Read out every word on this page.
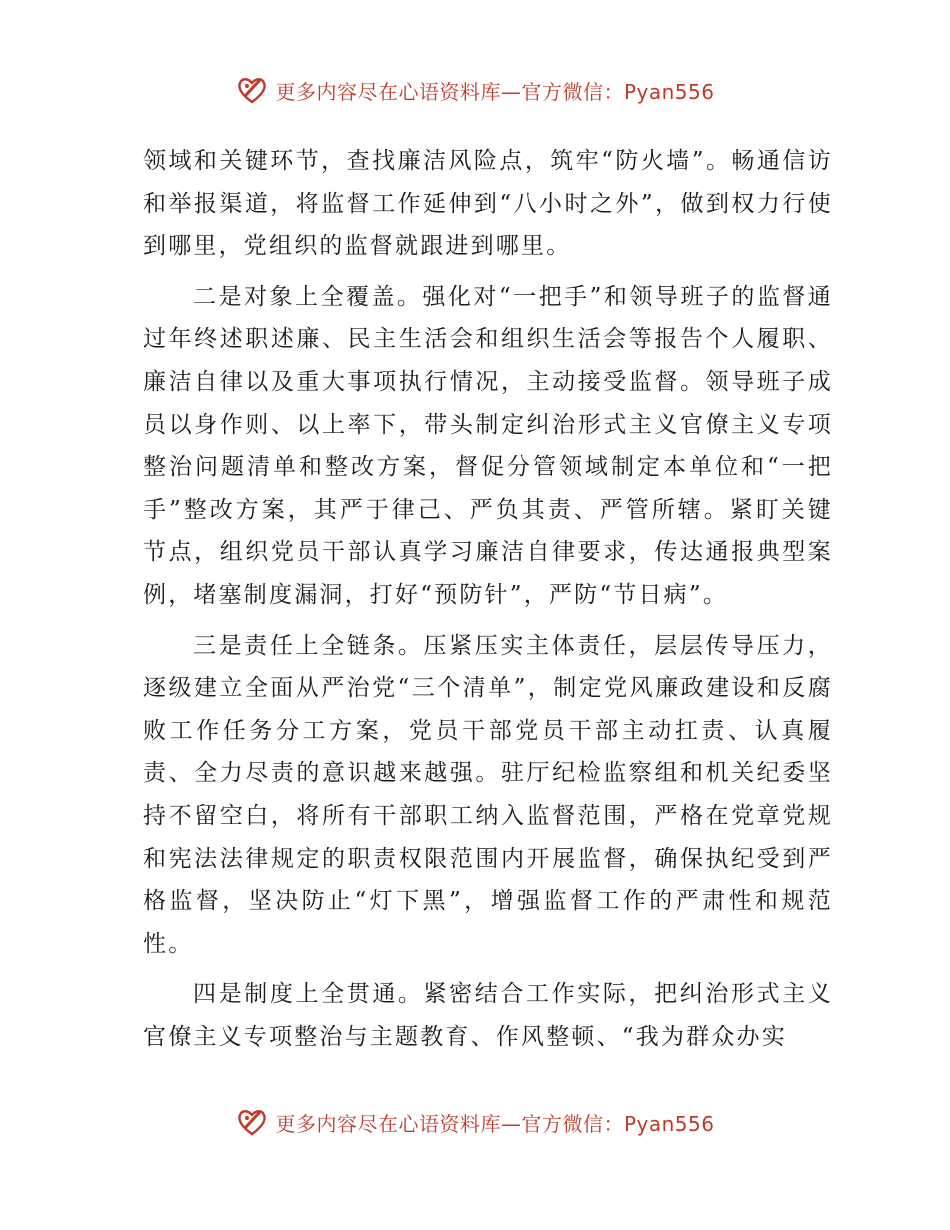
更多内容尽在心语资料库—官方微信：Pyan556

领域和关键环节，查找廉洁风险点，筑牢“防火墙”。畅通信访和举报渠道，将监督工作延伸到“八小时之外”，做到权力行使到哪里，党组织的监督就跟进到哪里。

二是对象上全覆盖。强化对“一把手”和领导班子的监督通过年终述职述廉、民主生活会和组织生活会等报告个人履职、廉洁自律以及重大事项执行情况，主动接受监督。领导班子成员以身作则、以上率下，带头制定纠治形式主义官僚主义专项整治问题清单和整改方案，督促分管领域制定本单位和“一把手”整改方案，其严于律己、严负其责、严管所辖。紧盯关键节点，组织党员干部认真学习廉洁自律要求，传达通报典型案例，堵塞制度漏洞，打好“预防针”，严防“节日病”。

三是责任上全链条。压紧压实主体责任，层层传导压力，逐级建立全面从严治党“三个清单”，制定党风廉政建设和反腐败工作任务分工方案，党员干部党员干部主动扛责、认真履责、全力尽责的意识越来越强。驻厅纪检监察组和机关纪委坚持不留空白，将所有干部职工纳入监督范围，严格在党章党规和宪法法律规定的职责权限范围内开展监督，确保执纪受到严格监督，坚决防止“灯下黑”，增强监督工作的严肃性和规范性。

四是制度上全贯通。紧密结合工作实际，把纠治形式主义官僚主义专项整治与主题教育、作风整顿、“我为群众办实

更多内容尽在心语资料库—官方微信：Pyan556
